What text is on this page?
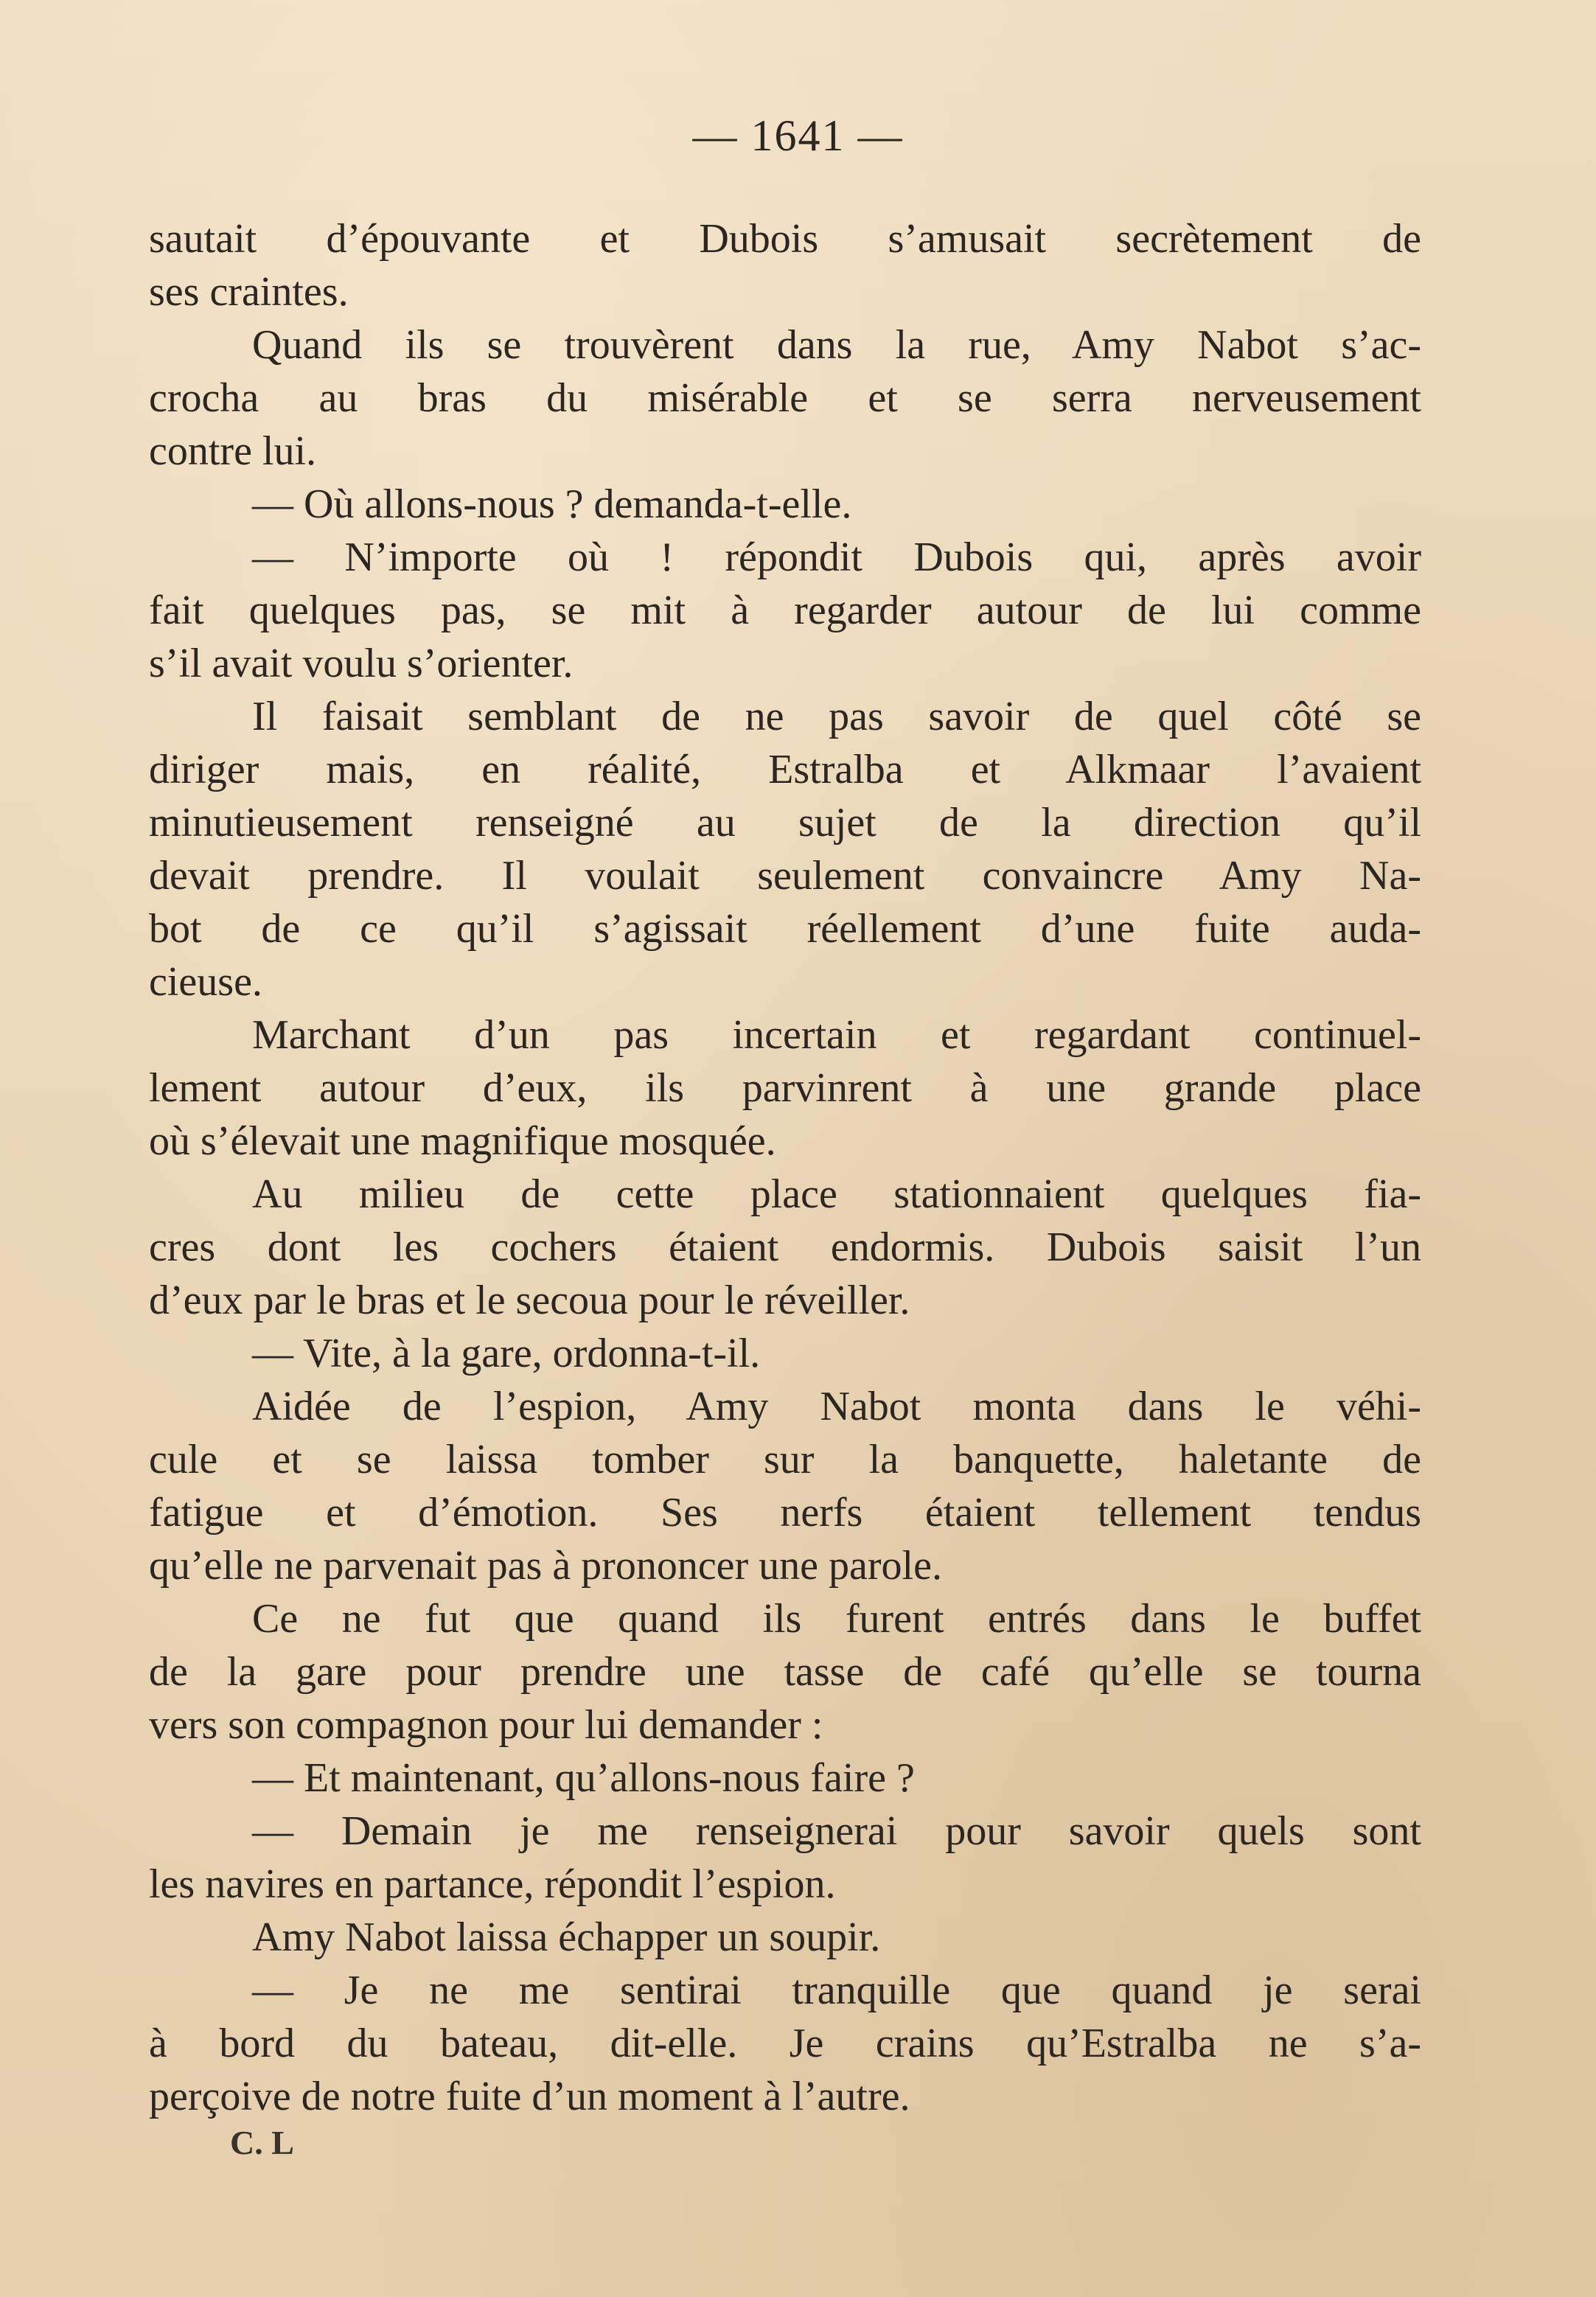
— 1641 —
sautait d’épouvante et Dubois s’amusait secrètement de
ses craintes.
Quand ils se trouvèrent dans la rue, Amy Nabot s’ac-
crocha au bras du misérable et se serra nerveusement
contre lui.
— Où allons-nous ? demanda-t-elle.
— N’importe où ! répondit Dubois qui, après avoir
fait quelques pas, se mit à regarder autour de lui comme
s’il avait voulu s’orienter.
Il faisait semblant de ne pas savoir de quel côté se
diriger mais, en réalité, Estralba et Alkmaar l’avaient
minutieusement renseigné au sujet de la direction qu’il
devait prendre. Il voulait seulement convaincre Amy Na-
bot de ce qu’il s’agissait réellement d’une fuite auda-
cieuse.
Marchant d’un pas incertain et regardant continuel-
lement autour d’eux, ils parvinrent à une grande place
où s’élevait une magnifique mosquée.
Au milieu de cette place stationnaient quelques fia-
cres dont les cochers étaient endormis. Dubois saisit l’un
d’eux par le bras et le secoua pour le réveiller.
— Vite, à la gare, ordonna-t-il.
Aidée de l’espion, Amy Nabot monta dans le véhi-
cule et se laissa tomber sur la banquette, haletante de
fatigue et d’émotion. Ses nerfs étaient tellement tendus
qu’elle ne parvenait pas à prononcer une parole.
Ce ne fut que quand ils furent entrés dans le buffet
de la gare pour prendre une tasse de café qu’elle se tourna
vers son compagnon pour lui demander :
— Et maintenant, qu’allons-nous faire ?
— Demain je me renseignerai pour savoir quels sont
les navires en partance, répondit l’espion.
Amy Nabot laissa échapper un soupir.
— Je ne me sentirai tranquille que quand je serai
à bord du bateau, dit-elle. Je crains qu’Estralba ne s’a-
perçoive de notre fuite d’un moment à l’autre.
C. L
